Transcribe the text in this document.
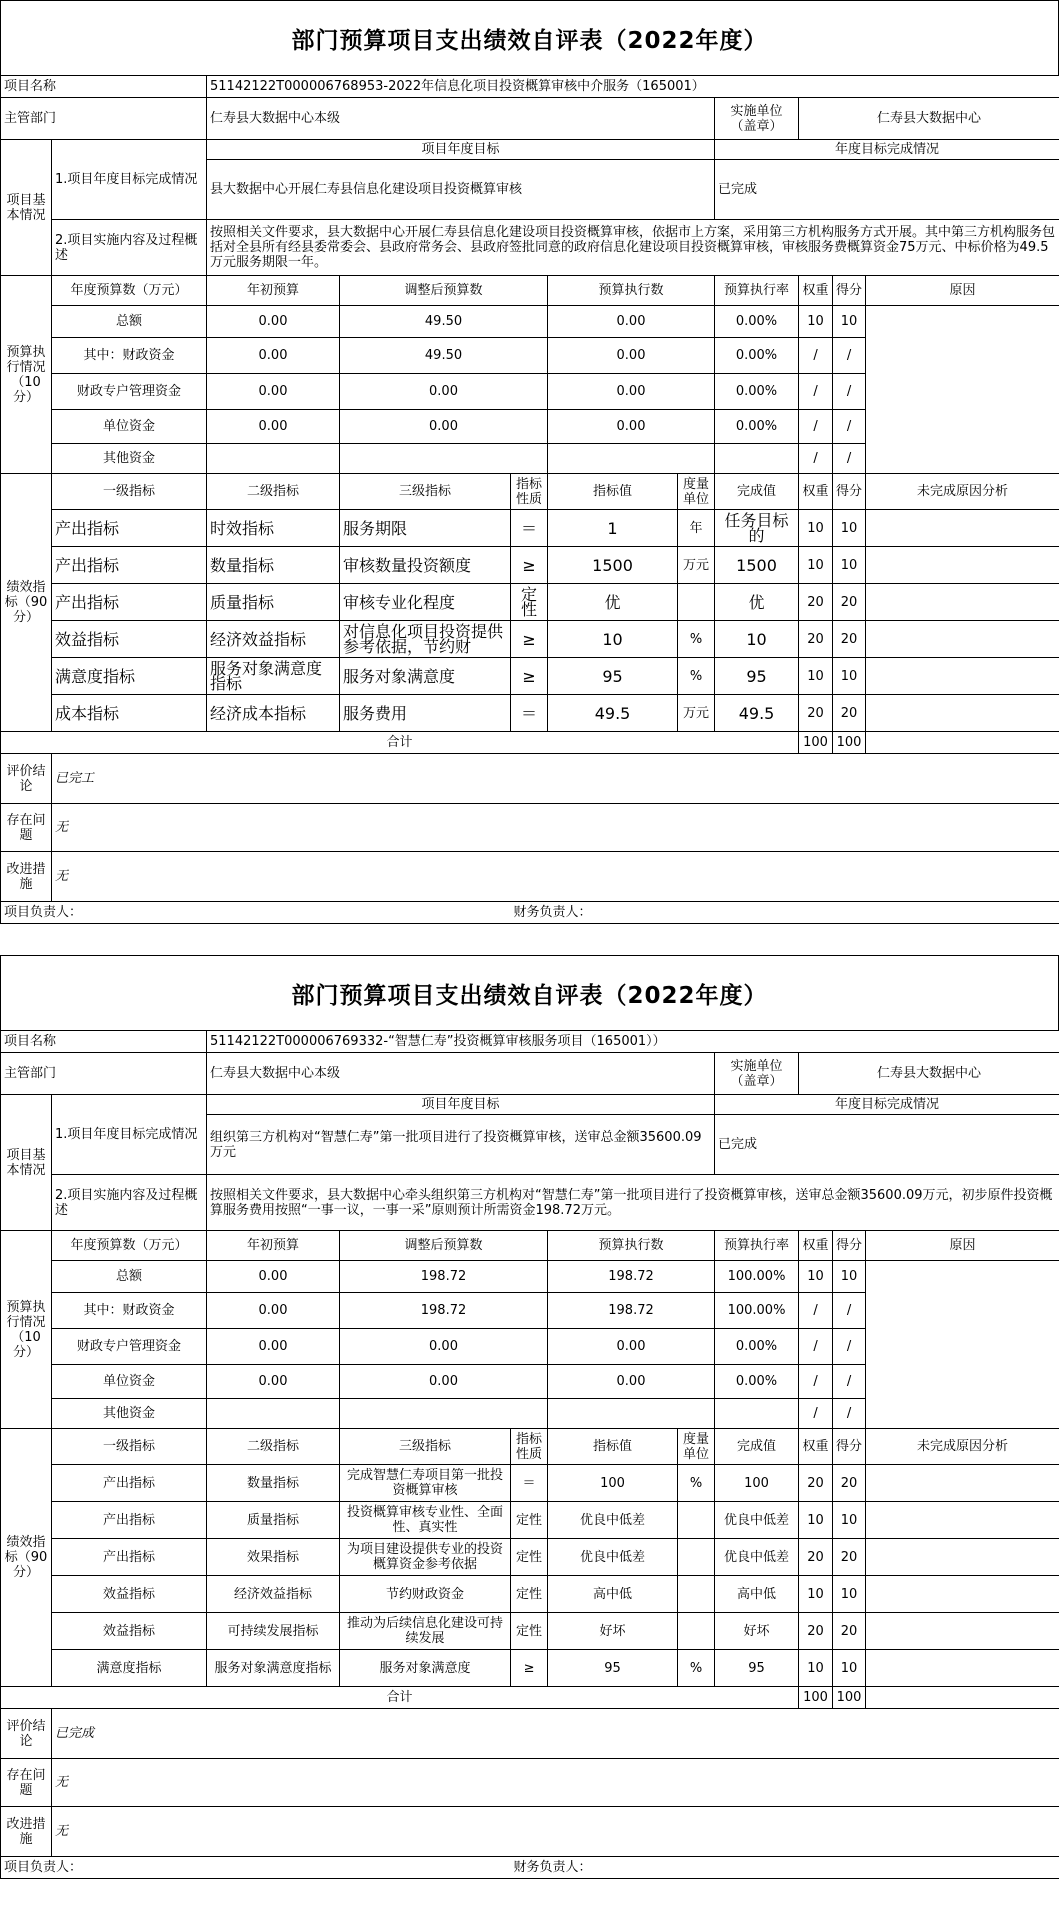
部门预算项目支出绩效自评表（2022年度）
项目名称		51142122T000006768953-2022年信息化项目投资概算审核中介服务（165001）								
主管部门		仁寿县大数据中心本级					实施单位（盖章）	仁寿县大数据中心		
项目基本情况	1.项目年度目标完成情况	项目年度目标					年度目标完成情况			
		县大数据中心开展仁寿县信息化建设项目投资概算审核					已完成			
	2.项目实施内容及过程概述	按照相关文件要求，县大数据中心开展仁寿县信息化建设项目投资概算审核，依据市上方案，采用第三方机构服务方式开展。其中第三方机构服务包括对全县所有经县委常委会、县政府常务会、县政府签批同意的政府信息化建设项目投资概算审核，审核服务费概算资金75万元、中标价格为49.5万元服务期限一年。								

预算执行情况（10分）	年度预算数（万元）	年初预算	调整后预算数		预算执行数		预算执行率	权重	得分	原因
	总额	0.00	49.50		0.00		0.00%	10	10	
	其中：财政资金	0.00	49.50		0.00		0.00%	/	/	
	财政专户管理资金	0.00	0.00		0.00		0.00%	/	/	
	单位资金	0.00	0.00		0.00		0.00%	/	/	
	其他资金							/	/	
绩效指标（90分）	一级指标	二级指标	三级指标	指标性质	指标值	度量单位	完成值	权重	得分	未完成原因分析
	产出指标	时效指标	服务期限	＝	1	年	任务目标的	10	10	
	产出指标	数量指标	审核数量投资额度	≥	1500	万元	1500	10	10	
	产出指标	质量指标	审核专业化程度	定性	优		优	20	20	
	效益指标	经济效益指标	对信息化项目投资提供参考依据，节约财	≥	10	%	10	20	20	
	满意度指标	服务对象满意度指标	服务对象满意度	≥	95	%	95	10	10	
	成本指标	经济成本指标	服务费用	＝	49.5	万元	49.5	20	20	
合计								100	100	
评价结论	已完工									
存在问题	无									
改进措施	无									
项目负责人：				财务负责人：						
部门预算项目支出绩效自评表（2022年度）
项目名称		51142122T000006769332-“智慧仁寿”投资概算审核服务项目（165001））								
主管部门		仁寿县大数据中心本级					实施单位（盖章）	仁寿县大数据中心		
项目基本情况	1.项目年度目标完成情况	项目年度目标					年度目标完成情况			
		组织第三方机构对“智慧仁寿”第一批项目进行了投资概算审核，送审总金额35600.09万元					已完成			
	2.项目实施内容及过程概述	按照相关文件要求，县大数据中心牵头组织第三方机构对“智慧仁寿”第一批项目进行了投资概算审核，送审总金额35600.09万元，初步原件投资概算服务费用按照“一事一议，一事一采”原则预计所需资金198.72万元。								

预算执行情况（10分）	年度预算数（万元）	年初预算	调整后预算数		预算执行数		预算执行率	权重	得分	原因
	总额	0.00	198.72		198.72		100.00%	10	10	
	其中：财政资金	0.00	198.72		198.72		100.00%	/	/	
	财政专户管理资金	0.00	0.00		0.00		0.00%	/	/	
	单位资金	0.00	0.00		0.00		0.00%	/	/	
	其他资金							/	/	
绩效指标（90分）	一级指标	二级指标	三级指标	指标性质	指标值	度量单位	完成值	权重	得分	未完成原因分析
	产出指标	数量指标	完成智慧仁寿项目第一批投资概算审核	＝	100	%	100	20	20	
	产出指标	质量指标	投资概算审核专业性、全面性、真实性	定性	优良中低差		优良中低差	10	10	
	产出指标	效果指标	为项目建设提供专业的投资概算资金参考依据	定性	优良中低差		优良中低差	20	20	
	效益指标	经济效益指标	节约财政资金	定性	高中低		高中低	10	10	
	效益指标	可持续发展指标	推动为后续信息化建设可持续发展	定性	好坏		好坏	20	20	
	满意度指标	服务对象满意度指标	服务对象满意度	≥	95	%	95	10	10	
合计								100	100	
评价结论	已完成									
存在问题	无									
改进措施	无									
项目负责人：				财务负责人：						
